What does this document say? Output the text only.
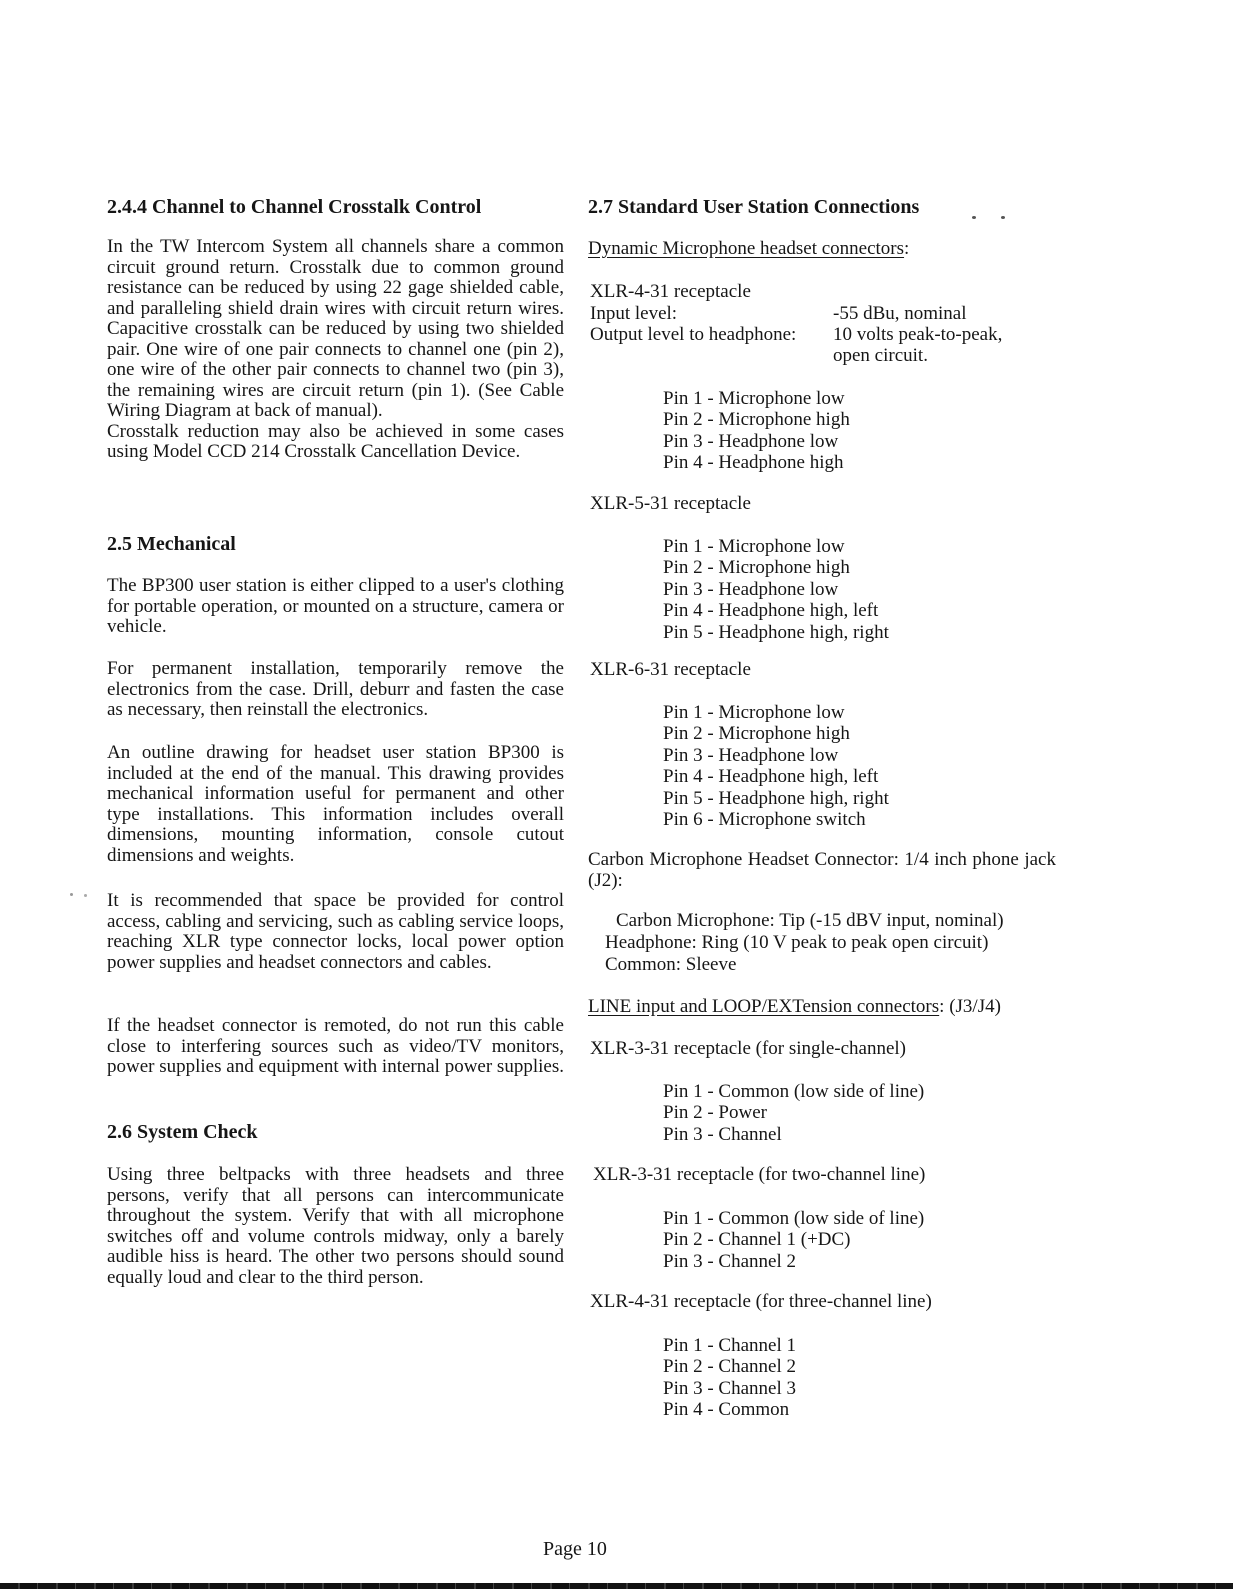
2.4.4 Channel to Channel Crosstalk Control
In the TW Intercom System all channels share a common circuit ground return. Crosstalk due to common ground resistance can be reduced by using 22 gage shielded cable, and paralleling shield drain wires with circuit return wires. Capacitive crosstalk can be reduced by using two shielded pair. One wire of one pair connects to channel one (pin 2), one wire of the other pair connects to channel two (pin 3), the remaining wires are circuit return (pin 1). (See Cable Wiring Diagram at back of manual).
Crosstalk reduction may also be achieved in some cases using Model CCD 214 Crosstalk Cancellation Device.
2.5 Mechanical
The BP300 user station is either clipped to a user's clothing for portable operation, or mounted on a structure, camera or vehicle.
For permanent installation, temporarily remove the electronics from the case. Drill, deburr and fasten the case as necessary, then reinstall the electronics.
An outline drawing for headset user station BP300 is included at the end of the manual. This drawing provides mechanical information useful for permanent and other type installations. This information includes overall dimensions, mounting information, console cutout dimensions and weights.
It is recommended that space be provided for control access, cabling and servicing, such as cabling service loops, reaching XLR type connector locks, local power option power supplies and headset connectors and cables.
If the headset connector is remoted, do not run this cable close to interfering sources such as video/TV monitors, power supplies and equipment with internal power supplies.
2.6 System Check
Using three beltpacks with three headsets and three persons, verify that all persons can intercommunicate throughout the system. Verify that with all microphone switches off and volume controls midway, only a barely audible hiss is heard. The other two persons should sound equally loud and clear to the third person.
2.7 Standard User Station Connections
Dynamic Microphone headset connectors:
XLR-4-31 receptacle
Input level:	-55 dBu, nominal
Output level to headphone:	10 volts peak-to-peak,
open circuit.
Pin 1 - Microphone low
Pin 2 - Microphone high
Pin 3 - Headphone low
Pin 4 - Headphone high
XLR-5-31 receptacle
Pin 1 - Microphone low
Pin 2 - Microphone high
Pin 3 - Headphone low
Pin 4 - Headphone high, left
Pin 5 - Headphone high, right
XLR-6-31 receptacle
Pin 1 - Microphone low
Pin 2 - Microphone high
Pin 3 - Headphone low
Pin 4 - Headphone high, left
Pin 5 - Headphone high, right
Pin 6 - Microphone switch
Carbon Microphone Headset Connector: 1/4 inch phone jack (J2):
Carbon Microphone: Tip (-15 dBV input, nominal)
Headphone: Ring (10 V peak to peak open circuit)
Common: Sleeve
LINE input and LOOP/EXTension connectors: (J3/J4)
XLR-3-31 receptacle (for single-channel)
Pin 1 - Common (low side of line)
Pin 2 - Power
Pin 3 - Channel
XLR-3-31 receptacle (for two-channel line)
Pin 1 - Common (low side of line)
Pin 2 - Channel 1 (+DC)
Pin 3 - Channel 2
XLR-4-31 receptacle (for three-channel line)
Pin 1 - Channel 1
Pin 2 - Channel 2
Pin 3 - Channel 3
Pin 4 - Common
Page 10
